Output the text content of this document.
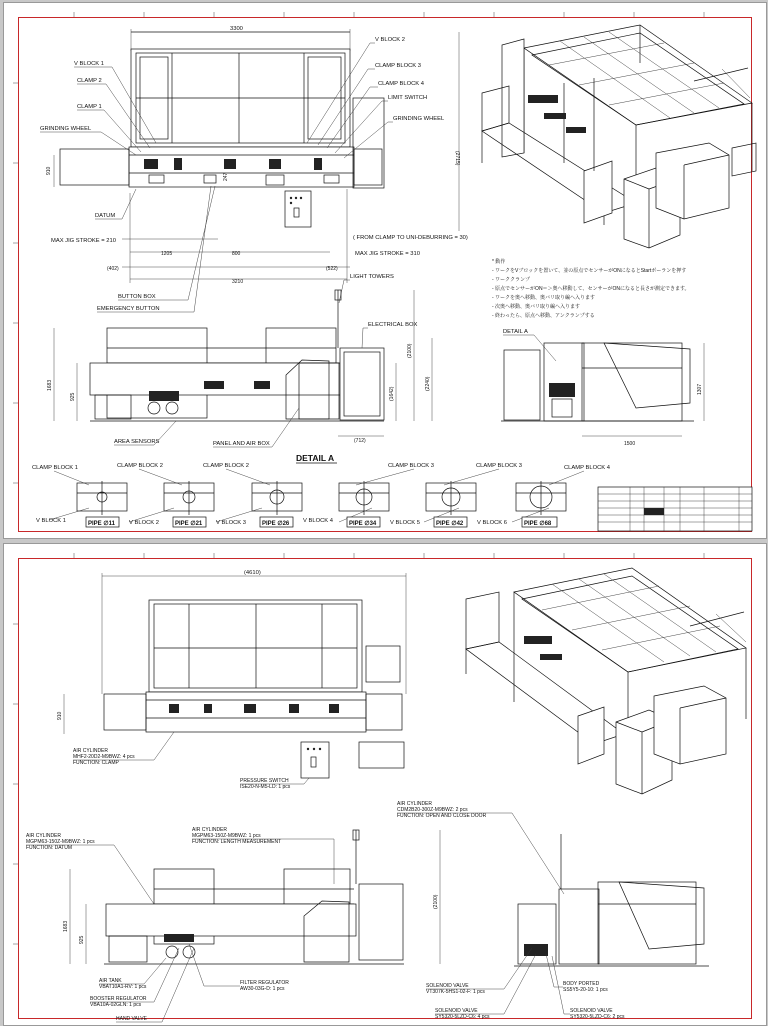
3300
910
247
(2715)
1205	800
(402)
3210
(522)
V BLOCK 1
CLAMP 2
CLAMP 1
GRINDING WHEEL
DATUM
MAX JIG STROKE = 210
V BLOCK 2
CLAMP BLOCK 3
CLAMP BLOCK 4
LIMIT SWITCH
GRINDING WHEEL
( FROM CLAMP TO UNI-DEBURRING = 30)
MAX JIG STROKE = 310
LIGHT TOWERS
BUTTON BOX
EMERGENCY BUTTON
1683
925
(2100)
(1642)
(2240)
(712)
ELECTRICAL BOX
AREA SENSORS	PANEL AND AIR BOX
* 動作
- ワークをVブロックを置いて、並の原点でセンサーがONになるとStartボーランを押す
- ワーククランプ
- 原点でセンサーがON＝＞奥へ移動して、センサーがONになると長さが測定できます。
- ワークを奥へ移動、奥バリ取り編へ入ります
- 次奥へ移動、奥バリ取り編へ入ります
- 終わったら、原点へ移動、アンクランプする
DETAIL A
1307
1500
DETAIL A
CLAMP BLOCK 1	CLAMP BLOCK 2	CLAMP BLOCK 2	CLAMP BLOCK 3	CLAMP BLOCK 3	CLAMP BLOCK 4
V BLOCK 1	V BLOCK 2	V BLOCK 3	V BLOCK 4	V BLOCK 5	V BLOCK 6
PIPE ∅11	PIPE ∅21	PIPE ∅26	PIPE ∅34	PIPE ∅42	PIPE ∅68
(4610)
910
AIR CYLINDER
MHF2-20D2-M9BWZ: 4 pcs
FUNCTION: CLAMP
PRESSURE SWITCH
ISE20-N-M5-LD: 1 pcs
AIR CYLINDER
CDM2B20-300Z-M9BWZ: 2 pcs
FUNCTION: OPEN AND CLOSE DOOR
AIR CYLINDER
MGPM63-150Z-M9BWZ: 1 pcs
FUNCTION: LENGTH MEASUREMENT
AIR CYLINDER
MGPM63-150Z-M9BWZ: 1 pcs
FUNCTION: DATUM
1683
925
(2100)
AIR TANK
VBAT10A1-RV: 1 pcs
FILTER REGULATOR
AW30-03G-D: 1 pcs
BOOSTER REGULATOR
VBA10A-02GLN: 1 pcs
HAND VALVE
SOLENOID VALVE
VT307K-5HS1-02-F: 1 pcs
SOLENOID VALVE
SY5320-5LZD-C6: 4 pcs
BODY PORTED
SS5Y5-20-10: 1 pcs
SOLENOID VALVE
SY5320-5LZD-C6: 2 pcs
